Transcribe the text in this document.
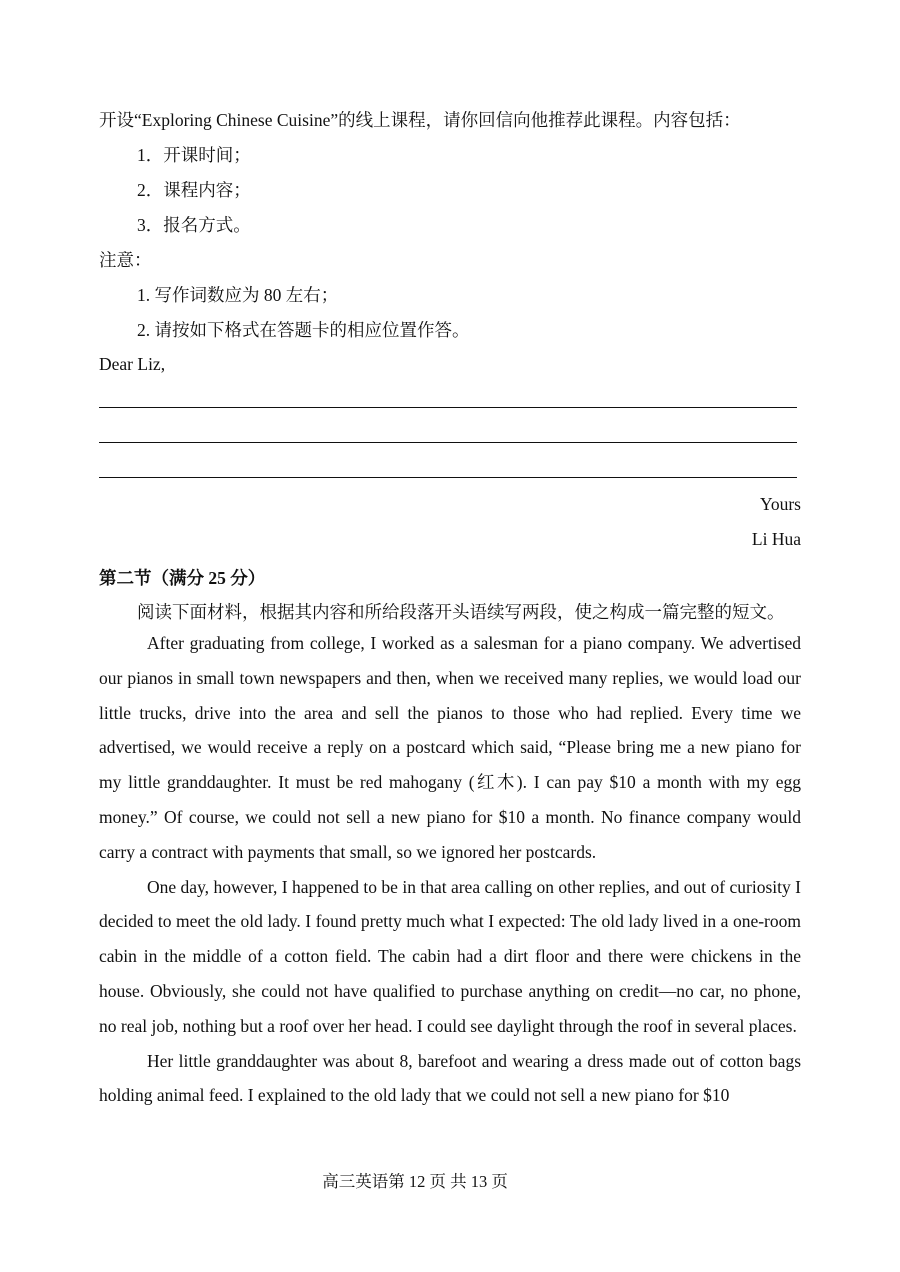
开设“Exploring Chinese Cuisine”的线上课程，请你回信向他推荐此课程。内容包括：
1．开课时间；
2．课程内容；
3．报名方式。
注意：
1. 写作词数应为 80 左右；
2. 请按如下格式在答题卡的相应位置作答。
Dear Liz,
Yours
Li Hua
第二节（满分 25 分）
阅读下面材料，根据其内容和所给段落开头语续写两段，使之构成一篇完整的短文。

After graduating from college, I worked as a salesman for a piano company. We advertised our pianos in small town newspapers and then, when we received many replies, we would load our little trucks, drive into the area and sell the pianos to those who had replied. Every time we advertised, we would receive a reply on a postcard which said, “Please bring me a new piano for my little granddaughter. It must be red mahogany (红木). I can pay $10 a month with my egg money.” Of course, we could not sell a new piano for $10 a month. No finance company would carry a contract with payments that small, so we ignored her postcards.

One day, however, I happened to be in that area calling on other replies, and out of curiosity I decided to meet the old lady. I found pretty much what I expected: The old lady lived in a one-room cabin in the middle of a cotton field. The cabin had a dirt floor and there were chickens in the house. Obviously, she could not have qualified to purchase anything on credit—no car, no phone, no real job, nothing but a roof over her head. I could see daylight through the roof in several places.

Her little granddaughter was about 8, barefoot and wearing a dress made out of cotton bags holding animal feed. I explained to the old lady that we could not sell a new piano for $10

高三英语第 12 页 共 13 页
